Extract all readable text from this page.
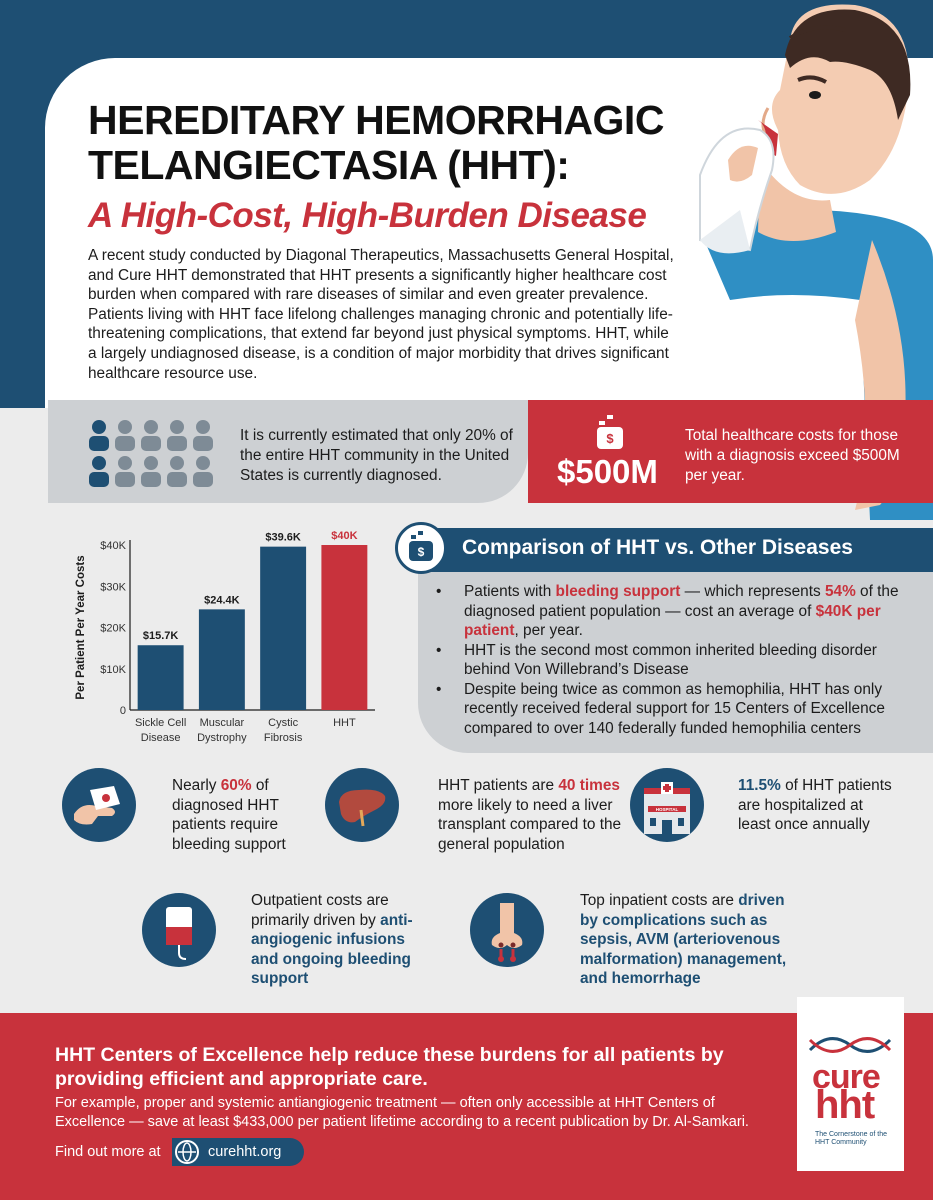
HEREDITARY HEMORRHAGIC
TELANGIECTASIA (HHT):
A High-Cost, High-Burden Disease
A recent study conducted by Diagonal Therapeutics, Massachusetts General Hospital, and Cure HHT demonstrated that HHT presents a significantly higher healthcare cost burden when compared with rare diseases of similar and even greater prevalence. Patients living with HHT face lifelong challenges managing chronic and potentially life-threatening complications, that extend far beyond just physical symptoms. HHT, while a largely undiagnosed disease, is a condition of major morbidity that drives significant healthcare resource use.
It is currently estimated that only 20% of the entire HHT community in the United States is currently diagnosed.
$
$500M
Total healthcare costs for those with a diagnosis exceed $500M per year.
Per Patient Per Year Costs
0
$10K
$20K
$30K
$40K
$15.7K
Sickle Cell
Disease
$24.4K
Muscular
Dystrophy
$39.6K
Cystic
Fibrosis
$40K
HHT
Comparison of HHT vs. Other Diseases
$
• Patients with bleeding support — which represents 54% of the diagnosed patient population — cost an average of $40K per patient, per year.
• HHT is the second most common inherited bleeding disorder behind Von Willebrand’s Disease
• Despite being twice as common as hemophilia, HHT has only recently received federal support for 15 Centers of Excellence compared to over 140 federally funded hemophilia centers
Nearly 60% of diagnosed HHT patients require bleeding support
HHT patients are 40 times more likely to need a liver transplant compared to the general population
HOSPITAL
11.5% of HHT patients are hospitalized at least once annually
Outpatient costs are primarily driven by anti-angiogenic infusions and ongoing bleeding support
Top inpatient costs are driven by complications such as sepsis, AVM (arteriovenous malformation) management, and hemorrhage
HHT Centers of Excellence help reduce these burdens for all patients by providing efficient and appropriate care.
For example, proper and systemic antiangiogenic treatment — often only accessible at HHT Centers of Excellence — save at least $433,000 per patient lifetime according to a recent publication by Dr. Al-Samkari.
Find out more at	curehht.org
cure
hht
The Cornerstone of the HHT Community
